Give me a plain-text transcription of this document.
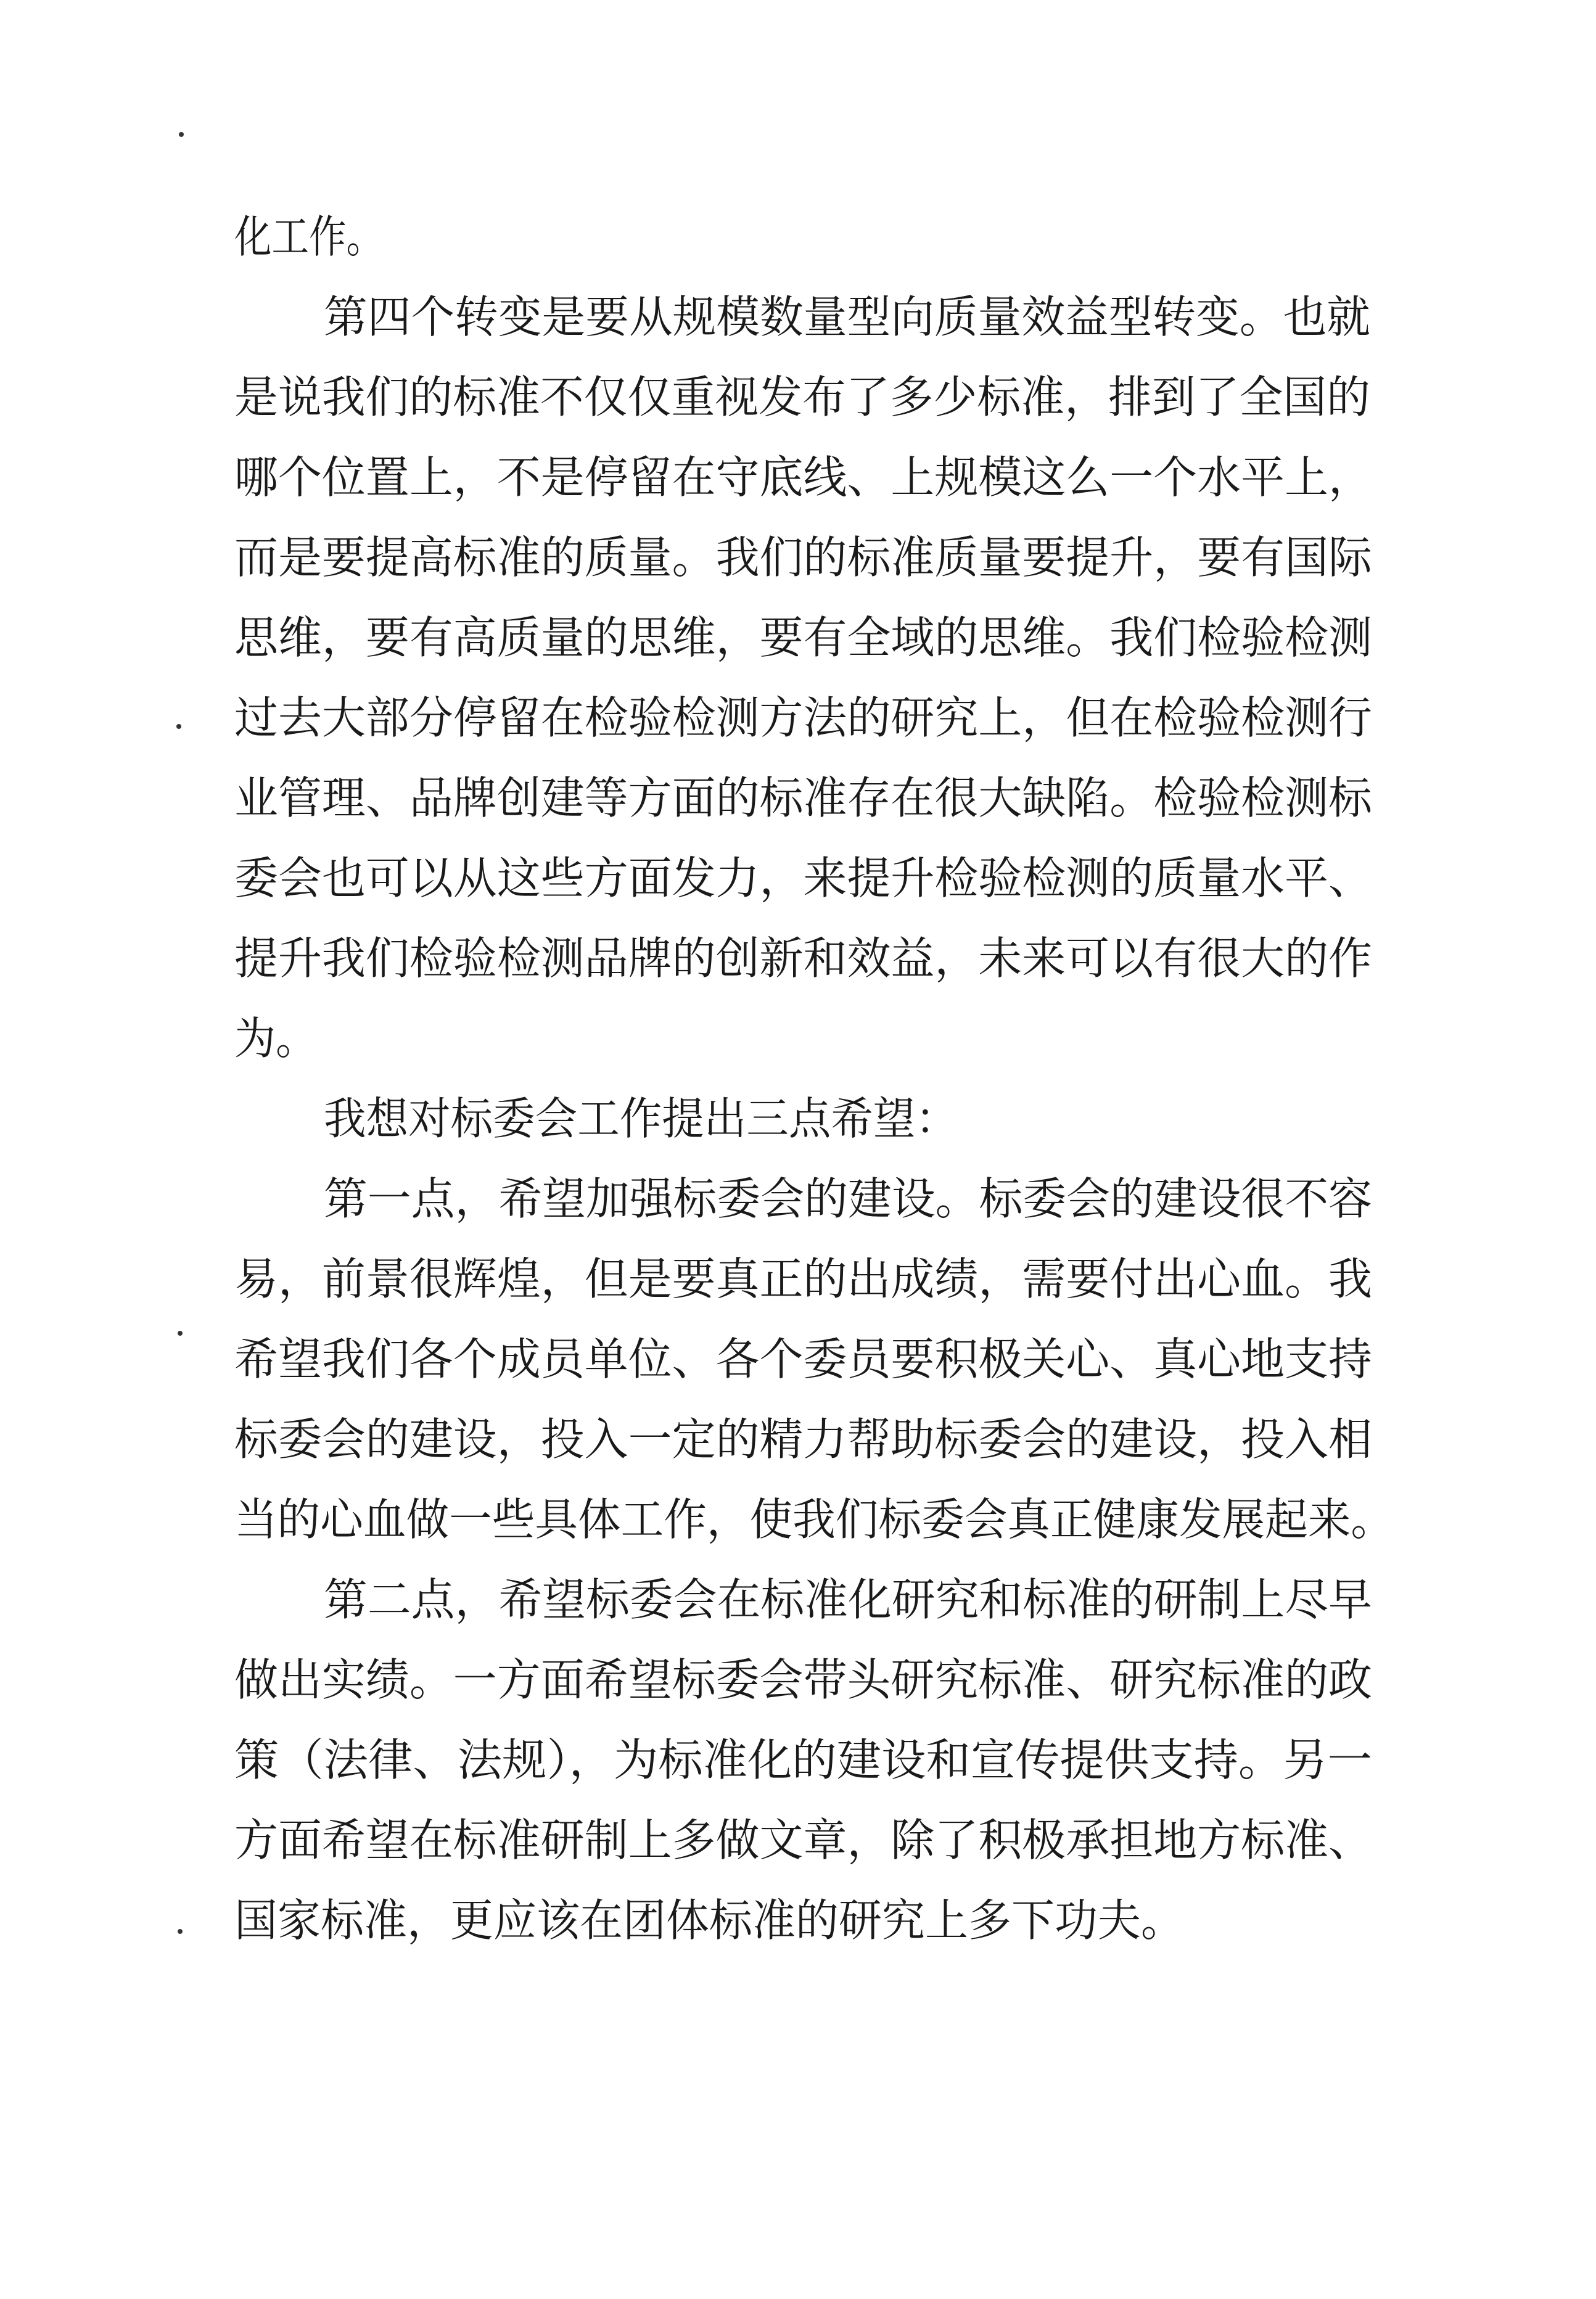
化工作。
第四个转变是要从规模数量型向质量效益型转变。也就
是说我们的标准不仅仅重视发布了多少标准，排到了全国的
哪个位置上，不是停留在守底线、上规模这么一个水平上，
而是要提高标准的质量。我们的标准质量要提升，要有国际
思维，要有高质量的思维，要有全域的思维。我们检验检测
过去大部分停留在检验检测方法的研究上，但在检验检测行
业管理、品牌创建等方面的标准存在很大缺陷。检验检测标
委会也可以从这些方面发力，来提升检验检测的质量水平、
提升我们检验检测品牌的创新和效益，未来可以有很大的作
为。
我想对标委会工作提出三点希望：
第一点，希望加强标委会的建设。标委会的建设很不容
易，前景很辉煌，但是要真正的出成绩，需要付出心血。我
希望我们各个成员单位、各个委员要积极关心、真心地支持
标委会的建设，投入一定的精力帮助标委会的建设，投入相
当的心血做一些具体工作，使我们标委会真正健康发展起来。
第二点，希望标委会在标准化研究和标准的研制上尽早
做出实绩。一方面希望标委会带头研究标准、研究标准的政
策（法律、法规），为标准化的建设和宣传提供支持。另一
方面希望在标准研制上多做文章，除了积极承担地方标准、
国家标准，更应该在团体标准的研究上多下功夫。
